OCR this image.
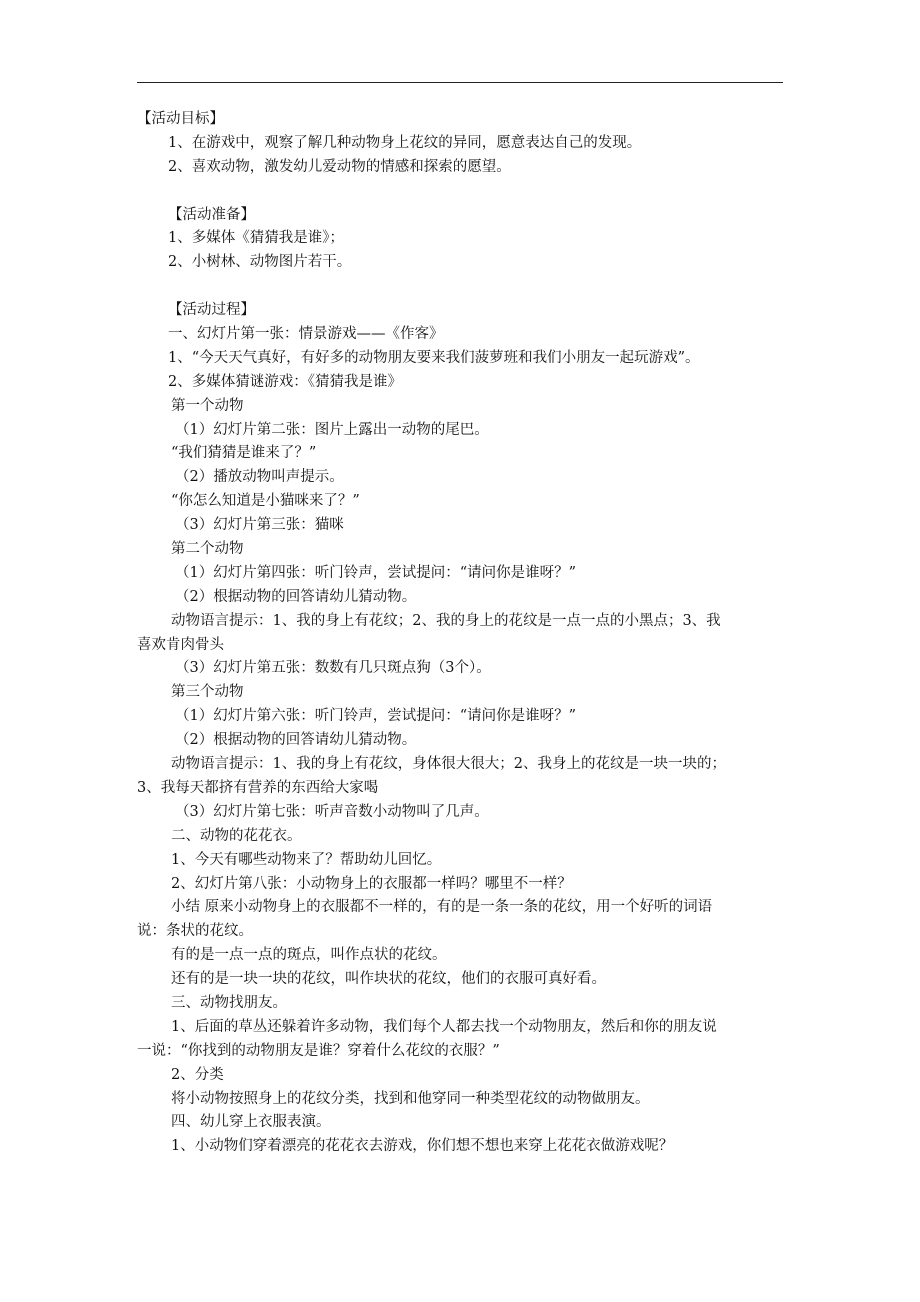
【活动目标】
1、在游戏中，观察了解几种动物身上花纹的异同，愿意表达自己的发现。
2、喜欢动物，激发幼儿爱动物的情感和探索的愿望。
【活动准备】
1、多媒体《猜猜我是谁》；
2、小树林、动物图片若干。
【活动过程】
一、幻灯片第一张：情景游戏——《作客》
1、“今天天气真好，有好多的动物朋友要来我们菠萝班和我们小朋友一起玩游戏”。
2、多媒体猜谜游戏：《猜猜我是谁》
第一个动物
（1）幻灯片第二张：图片上露出一动物的尾巴。
“我们猜猜是谁来了？”
（2）播放动物叫声提示。
“你怎么知道是小猫咪来了？”
（3）幻灯片第三张：猫咪
第二个动物
（1）幻灯片第四张：听门铃声，尝试提问：“请问你是谁呀？”
（2）根据动物的回答请幼儿猜动物。
动物语言提示：1、我的身上有花纹；2、我的身上的花纹是一点一点的小黑点；3、我
喜欢肯肉骨头
（3）幻灯片第五张：数数有几只斑点狗（3个）。
第三个动物
（1）幻灯片第六张：听门铃声，尝试提问：“请问你是谁呀？”
（2）根据动物的回答请幼儿猜动物。
动物语言提示：1、我的身上有花纹，身体很大很大；2、我身上的花纹是一块一块的；
3、我每天都挤有营养的东西给大家喝
（3）幻灯片第七张：听声音数小动物叫了几声。
二、动物的花花衣。
1、今天有哪些动物来了？帮助幼儿回忆。
2、幻灯片第八张：小动物身上的衣服都一样吗？哪里不一样？
小结 原来小动物身上的衣服都不一样的，有的是一条一条的花纹，用一个好听的词语
说：条状的花纹。
有的是一点一点的斑点，叫作点状的花纹。
还有的是一块一块的花纹，叫作块状的花纹，他们的衣服可真好看。
三、动物找朋友。
1、后面的草丛还躲着许多动物，我们每个人都去找一个动物朋友，然后和你的朋友说
一说：“你找到的动物朋友是谁？穿着什么花纹的衣服？”
2、分类
将小动物按照身上的花纹分类，找到和他穿同一种类型花纹的动物做朋友。
四、幼儿穿上衣服表演。
1、小动物们穿着漂亮的花花衣去游戏，你们想不想也来穿上花花衣做游戏呢？
